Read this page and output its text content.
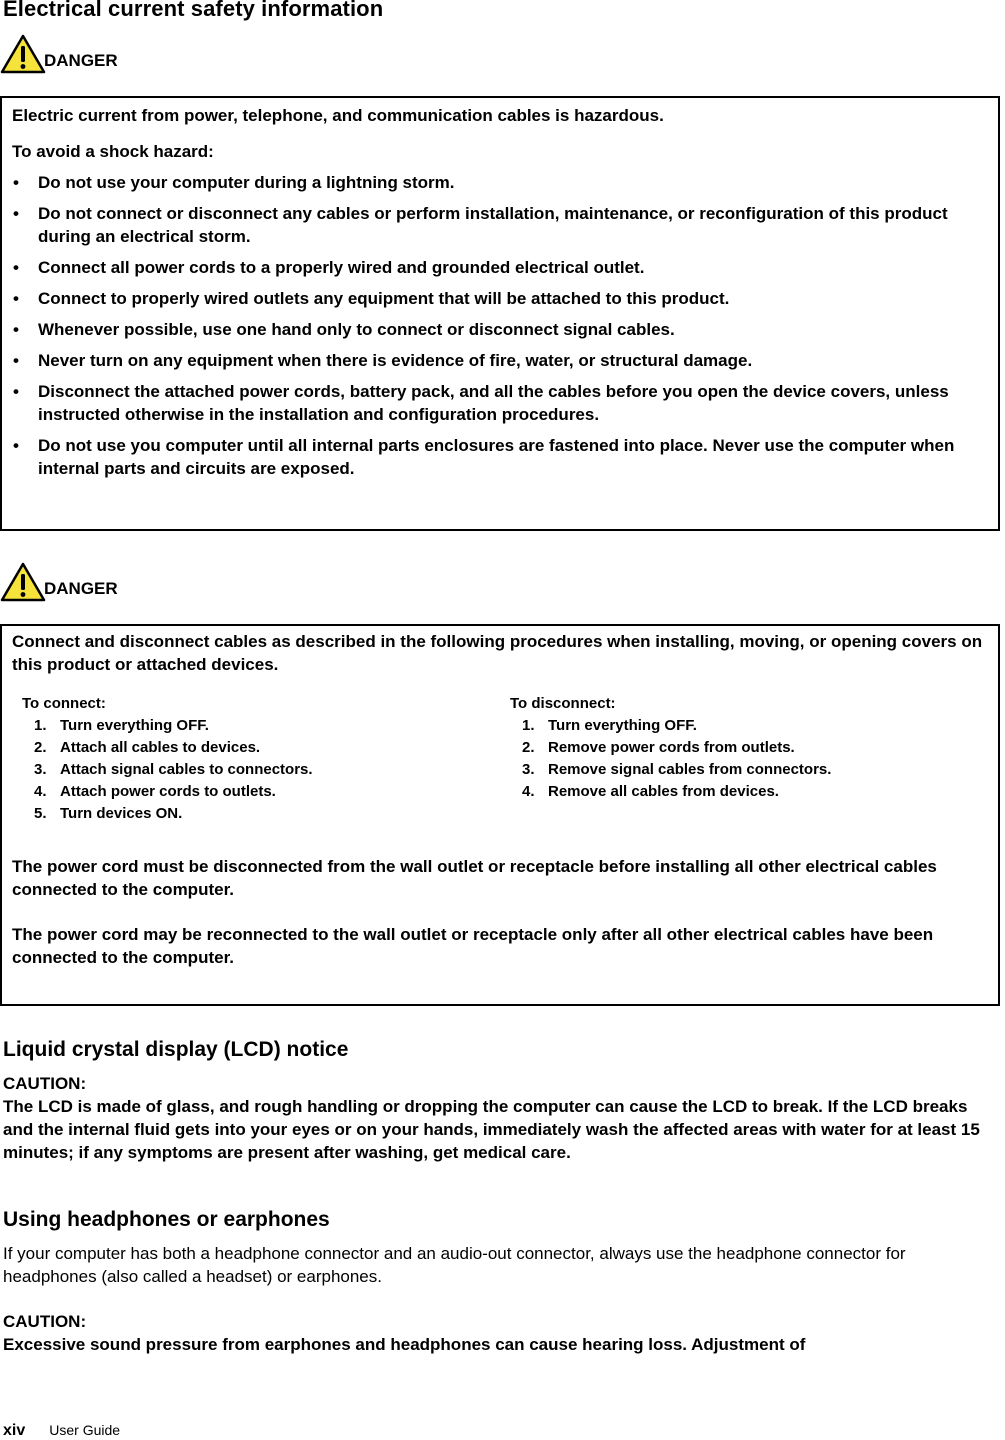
Electrical current safety information
DANGER

Electric current from power, telephone, and communication cables is hazardous.

To avoid a shock hazard:

• Do not use your computer during a lightning storm.
• Do not connect or disconnect any cables or perform installation, maintenance, or reconfiguration of this product during an electrical storm.
• Connect all power cords to a properly wired and grounded electrical outlet.
• Connect to properly wired outlets any equipment that will be attached to this product.
• Whenever possible, use one hand only to connect or disconnect signal cables.
• Never turn on any equipment when there is evidence of fire, water, or structural damage.
• Disconnect the attached power cords, battery pack, and all the cables before you open the device covers, unless instructed otherwise in the installation and configuration procedures.
• Do not use you computer until all internal parts enclosures are fastened into place. Never use the computer when internal parts and circuits are exposed.
DANGER

Connect and disconnect cables as described in the following procedures when installing, moving, or opening covers on this product or attached devices.

To connect:
1. Turn everything OFF.
2. Attach all cables to devices.
3. Attach signal cables to connectors.
4. Attach power cords to outlets.
5. Turn devices ON.
To disconnect:
1. Turn everything OFF.
2. Remove power cords from outlets.
3. Remove signal cables from connectors.
4. Remove all cables from devices.

The power cord must be disconnected from the wall outlet or receptacle before installing all other electrical cables connected to the computer.

The power cord may be reconnected to the wall outlet or receptacle only after all other electrical cables have been connected to the computer.

Liquid crystal display (LCD) notice

CAUTION:

The LCD is made of glass, and rough handling or dropping the computer can cause the LCD to break. If the LCD breaks and the internal fluid gets into your eyes or on your hands, immediately wash the affected areas with water for at least 15 minutes; if any symptoms are present after washing, get medical care.

Using headphones or earphones
If your computer has both a headphone connector and an audio-out connector, always use the headphone connector for headphones (also called a headset) or earphones.

CAUTION:

Excessive sound pressure from earphones and headphones can cause hearing loss. Adjustment of

xiv User Guide
